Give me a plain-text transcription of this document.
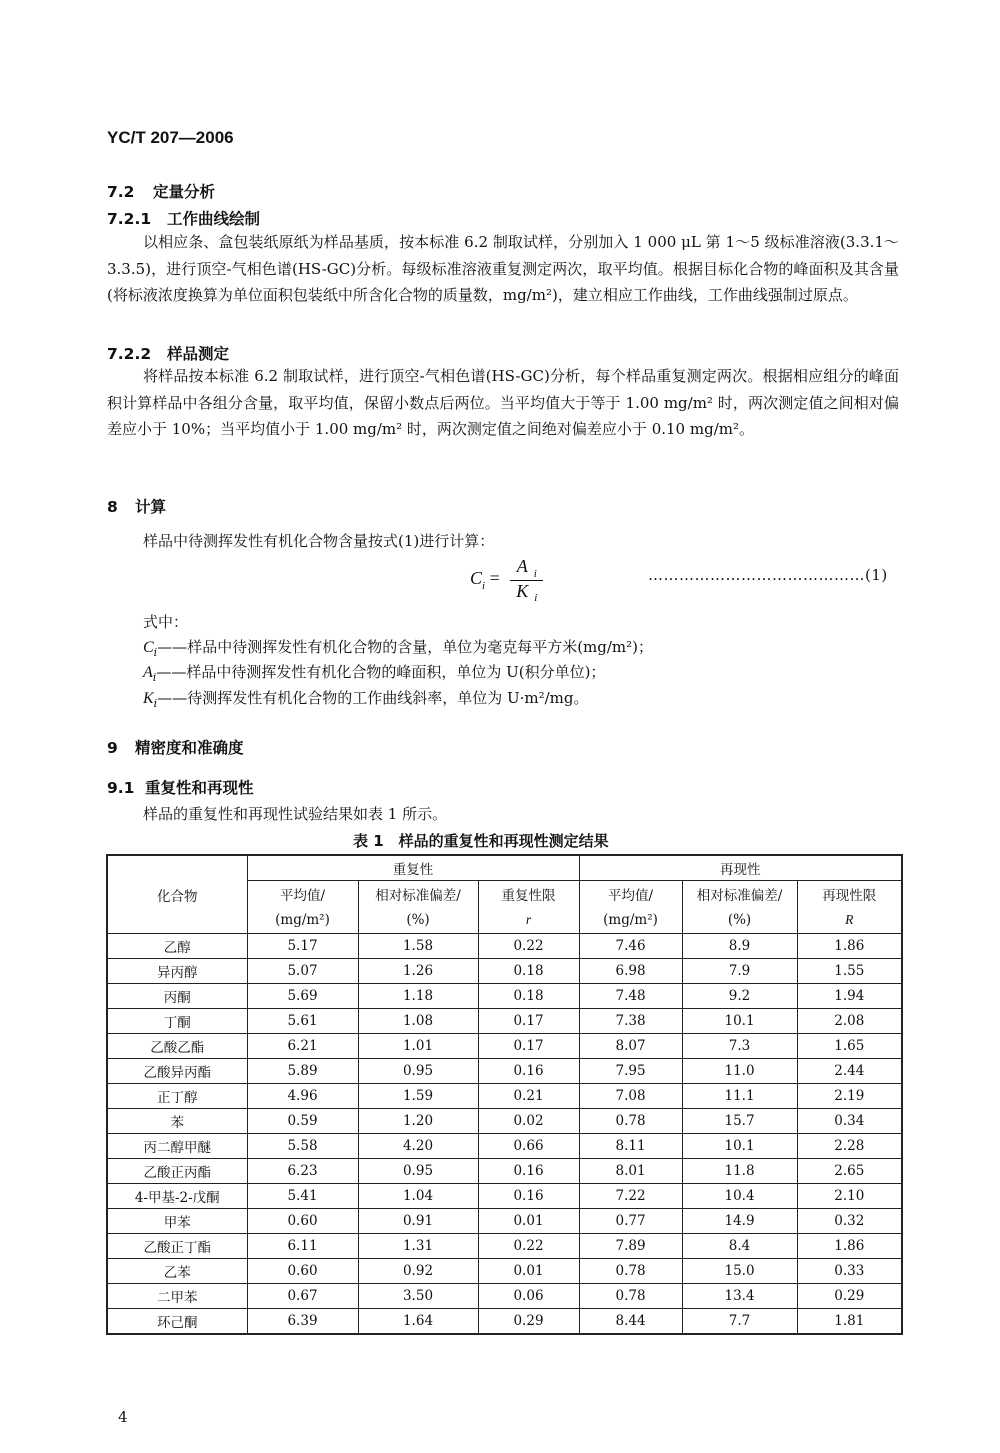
YC/T 207—2006
7.2 定量分析
7.2.1 工作曲线绘制
以相应条、盒包装纸原纸为样品基质，按本标准 6.2 制取试样，分别加入 1 000 μL 第 1～5 级标准溶液(3.3.1～3.3.5)，进行顶空-气相色谱(HS-GC)分析。每级标准溶液重复测定两次，取平均值。根据目标化合物的峰面积及其含量(将标液浓度换算为单位面积包装纸中所含化合物的质量数，mg/m²)，建立相应工作曲线，工作曲线强制过原点。
7.2.2 样品测定
将样品按本标准 6.2 制取试样，进行顶空-气相色谱(HS-GC)分析，每个样品重复测定两次。根据相应组分的峰面积计算样品中各组分含量，取平均值，保留小数点后两位。当平均值大于等于 1.00 mg/m² 时，两次测定值之间相对偏差应小于 10%；当平均值小于 1.00 mg/m² 时，两次测定值之间绝对偏差应小于 0.10 mg/m²。
8 计算
样品中待测挥发性有机化合物含量按式(1)进行计算：
$C_i = \frac{A _i}{K _i}$	……………………………………(1)
式中：
$C_i——$样品中待测挥发性有机化合物的含量，单位为毫克每平方米(mg/m²)；
$A_i——$样品中待测挥发性有机化合物的峰面积，单位为 U(积分单位)；
$K_i——$待测挥发性有机化合物的工作曲线斜率，单位为 U·m²/mg。
9 精密度和准确度
9.1 重复性和再现性
样品的重复性和再现性试验结果如表 1 所示。
表 1　样品的重复性和再现性测定结果
化合物	重复性			再现性		
	平均值/	相对标准偏差/	重复性限	平均值/	相对标准偏差/	再现性限
	(mg/m²)	(%)	r	(mg/m²)	(%)	R
乙醇	5.17	1.58	0.22	7.46	8.9	1.86
异丙醇	5.07	1.26	0.18	6.98	7.9	1.55
丙酮	5.69	1.18	0.18	7.48	9.2	1.94
丁酮	5.61	1.08	0.17	7.38	10.1	2.08
乙酸乙酯	6.21	1.01	0.17	8.07	7.3	1.65
乙酸异丙酯	5.89	0.95	0.16	7.95	11.0	2.44
正丁醇	4.96	1.59	0.21	7.08	11.1	2.19
苯	0.59	1.20	0.02	0.78	15.7	0.34
丙二醇甲醚	5.58	4.20	0.66	8.11	10.1	2.28
乙酸正丙酯	6.23	0.95	0.16	8.01	11.8	2.65
4-甲基-2-戊酮	5.41	1.04	0.16	7.22	10.4	2.10
甲苯	0.60	0.91	0.01	0.77	14.9	0.32
乙酸正丁酯	6.11	1.31	0.22	7.89	8.4	1.86
乙苯	0.60	0.92	0.01	0.78	15.0	0.33
二甲苯	0.67	3.50	0.06	0.78	13.4	0.29
环己酮	6.39	1.64	0.29	8.44	7.7	1.81
4
